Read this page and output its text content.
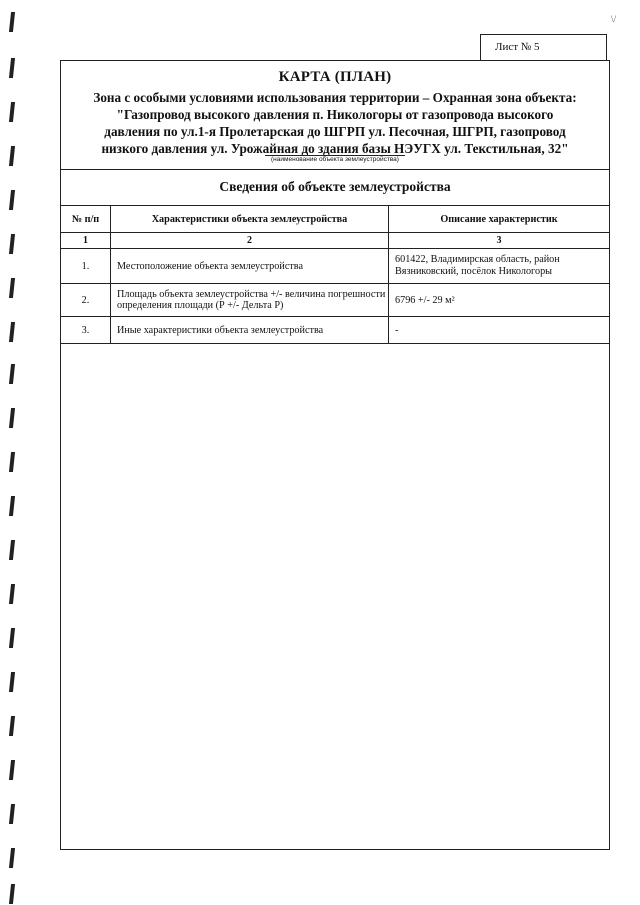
\/
Лист № 5
КАРТА (ПЛАН)
Зона с особыми условиями использования территории – Охранная зона объекта:
"Газопровод высокого давления п. Никологоры от газопровода высокого
давления по ул.1-я Пролетарская до ШГРП ул. Песочная, ШГРП, газопровод
низкого давления ул. Урожайная до здания базы НЭУГХ ул. Текстильная, 32"
(наименование объекта землеустройства)
Сведения об объекте землеустройства
№ п/п	Характеристики объекта землеустройства	Описание характеристик
1	2	3
1.	Местоположение объекта землеустройства	601422, Владимирская область, район
Вязниковский, посёлок Никологоры

2.	Площадь объекта землеустройства +/- величина погрешности определения площади (Р +/- Дельта Р)	6796 +/- 29 м²
3.	Иные характеристики объекта землеустройства	-
